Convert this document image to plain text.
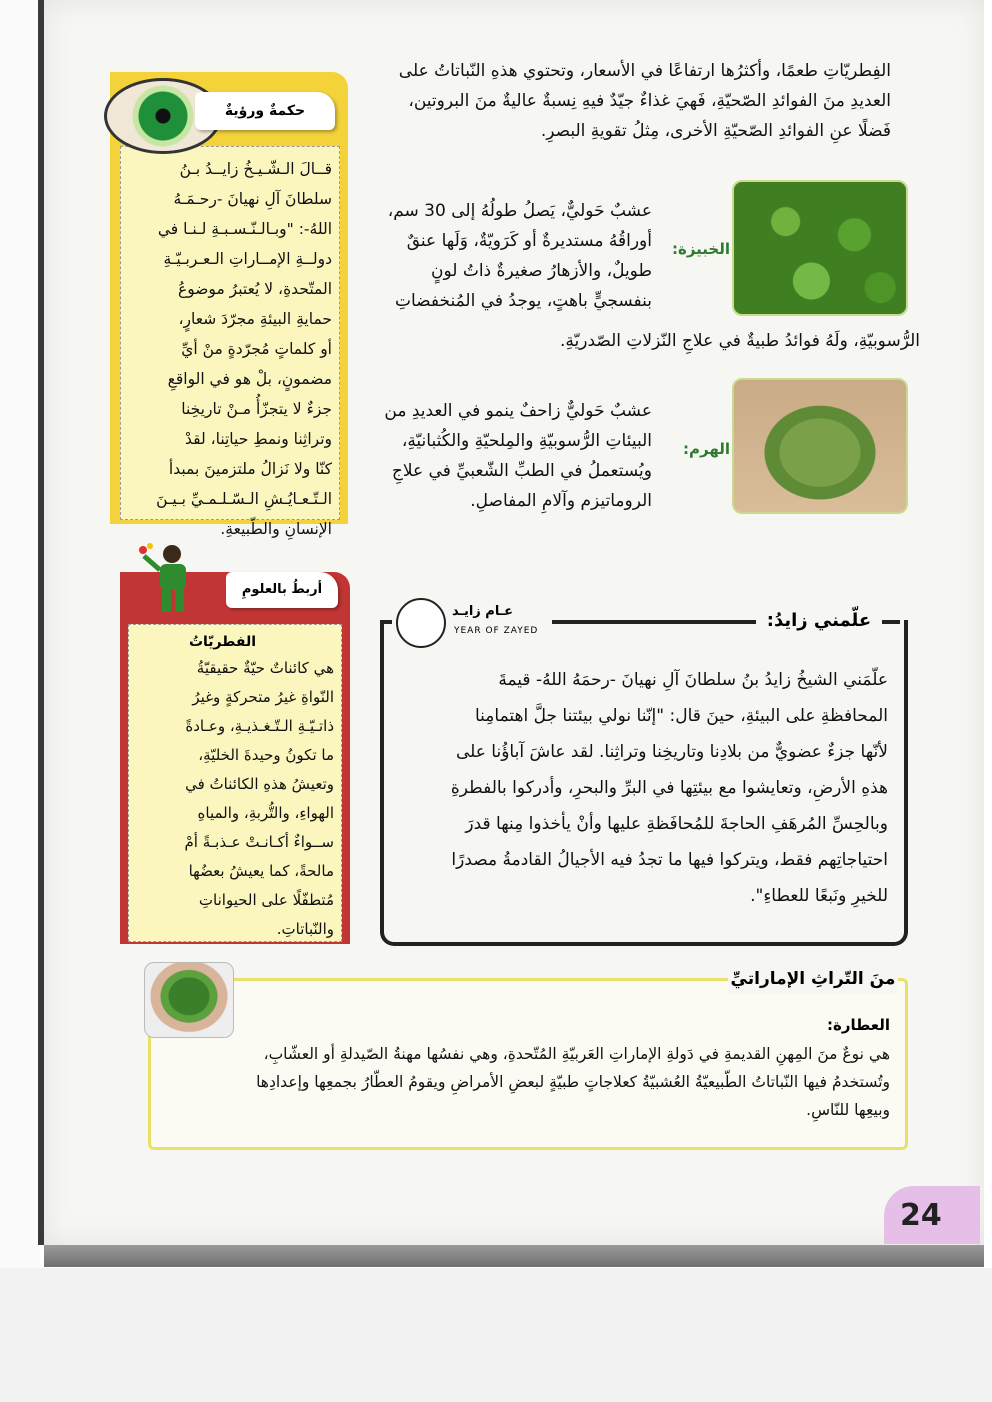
الفِطريّاتِ طعمًا، وأكثرُها ارتفاعًا في الأسعار، وتحتوي هذهِ النّباتاتُ على
العديدِ منَ الفوائدِ الصّحيّةِ، فَهيَ غذاءٌ جيّدٌ فيهِ نِسبةٌ عاليةٌ منَ البروتين،
فَضلًا عنِ الفوائدِ الصّحيّةِ الأخرى، مِثلُ تقويةِ البصرِ.
الخبيزة:
عشبٌ حَوليٌّ، يَصلُ طولُهُ إلى 30 سم،
أوراقُهُ مستديرةٌ أو كَرَويّةٌ، وَلَها عنقٌ
طويلٌ، والأزهارُ صغيرةٌ ذاتُ لونٍ
بنفسجيٍّ باهتٍ، يوجدُ في المُنخفضاتِ
الرُّسوبيّةِ، ولَهُ فوائدُ طبيةٌ في علاجِ النّزلاتِ الصّدريّةِ.
الهرم:
عشبٌ حَوليٌّ زاحفٌ ينمو في العديدِ من
البيئاتِ الرُّسوبيّةِ والمِلحيّةِ والكُثبانيّةِ،
ويُستعملُ في الطبِّ الشّعبيِّ في علاجِ
الروماتيزم وآلامِ المفاصلِ.
حكمةٌ ورؤيةٌ
قــالَ الـشّـيـخُ زايــدُ بـنُ
سلطانَ آلِ نهيانَ -رحـمَـهُ
اللهُ-: "وبـالـنّـسـبـةِ لـنـا في
دولــةِ الإمــاراتِ الـعـربـيّـةِ
المتّحدةِ، لا يُعتبرُ موضوعُ
حمايةِ البيئةِ مجرّدَ شعارٍ،
أو كلماتٍ مُجرّدةٍ منْ أيِّ
مضمونٍ، بلْ هو في الواقعِ
جزءٌ لا يتجزّأُ مـنْ تاريخِنا
وتراثِنا ونمطِ حياتِنا، لقدْ
كنّا ولا نَزالُ ملتزمينَ بمبدأ
الـتّـعـايُـشِ الـسّـلـمـيِّ بـيـنَ
الإنسانِ والطّبيعةِ.
أربطُ بالعلومِ
الفطريّاتُ
هي كائناتٌ حيّةٌ حقيقيّةُ
النّواةِ غيرُ متحركةٍ وغيرُ
ذاتـيّـةِ الـتّـغـذيـةِ، وعـادةً
ما تكونُ وحيدةَ الخليّةِ،
وتعيشُ هذهِ الكائناتُ في
الهواءِ، والتُّربةِ، والمياهِ
ســواءٌ أكـانـتْ عـذبـةً أمْ
مالحةً، كما يعيشُ بعضُها
مُتطفّلًا على الحيواناتِ
والنّباتاتِ.
علّمني زايدُ:
عـام زايـد
YEAR OF ZAYED
علّمَني الشيخُ زايدُ بنُ سلطانَ آلِ نهيانَ -رحمَهُ اللهُ- قيمةَ
المحافظةِ على البيئةِ، حينَ قال: "إنّنا نولي بيئتنا جلَّ اهتمامِنا
لأنّها جزءٌ عضويٌّ من بلادِنا وتاريخِنا وتراثِنا. لقد عاشَ آباؤُنا على
هذهِ الأرضِ، وتعايشوا مع بيئتِها في البرِّ والبحرِ، وأدركوا بالفطرةِ
وبالحِسِّ المُرهَفِ الحاجةَ للمُحافَظةِ عليها وأنْ يأخذوا مِنها قدرَ
احتياجاتِهم فقط، ويتركوا فيها ما تجدُ فيه الأجيالُ القادمةُ مصدرًا
للخيرِ ونَبعًا للعطاءِ".
منَ التّراثِ الإماراتيِّ
العطارة:
هي نوعٌ منَ المِهنِ القديمةِ في دَولةِ الإماراتِ العَربيّةِ المُتّحدةِ، وهي نفسُها مهنةُ الصّيدلةِ أو العشّابِ،
وتُستخدمُ فيها النّباتاتُ الطّبيعيّةُ العُشبيّةُ كعلاجاتٍ طبيّةٍ لبعضِ الأمراضِ ويقومُ العطّارُ بجمعِها وإعدادِها
وبيعِها للنّاسِ.
24
